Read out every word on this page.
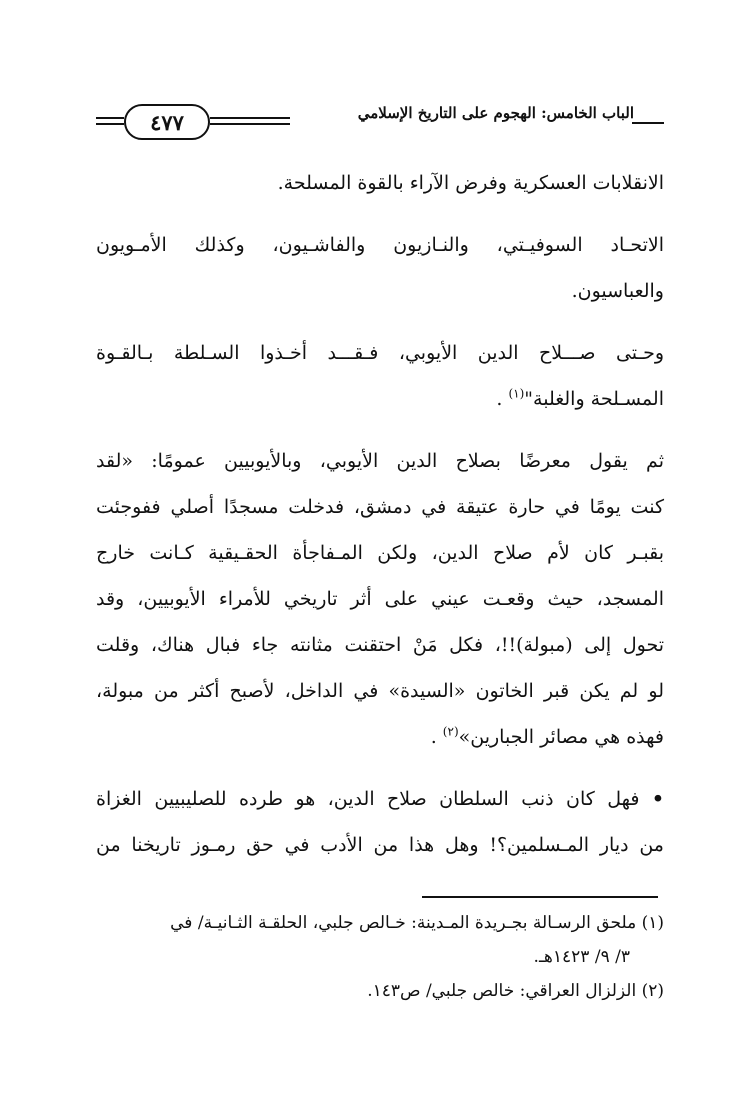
٤٧٧	الباب الخامس: الهجوم على التاريخ الإسلامي

الانقلابات العسكرية وفرض الآراء بالقوة المسلحة.

الاتحـاد السوفيـتي، والنـازيون والفاشـيون، وكذلك الأمـويون
والعباسيون.

وحـتى صـــلاح الدين الأيوبي، فـقـــد أخـذوا السـلطة بـالقـوة
المسـلحة والغلبة"$^{(١)}$ .

ثم يقول معرضًا بصلاح الدين الأيوبي، وبالأيوبيين عمومًا: «لقد
كنت يومًا في حارة عتيقة في دمشق، فدخلت مسجدًا أصلي ففوجئت
بقبـر كان لأم صلاح الدين، ولكن المـفاجأة الحقـيقية كـانت خارج
المسجد، حيث وقعـت عيني على أثر تاريخي للأمراء الأيوبيين، وقد
تحول إلى (مبولة)!!، فكل مَنْ احتقنت مثانته جاء فبال هناك، وقلت
لو لم يكن قبر الخاتون «السيدة» في الداخل، لأصبح أكثر من مبولة،
فهذه هي مصائر الجبارين»$^{(٢)}$ .

• فهل كان ذنب السلطان صلاح الدين، هو طرده للصليبيين الغزاة
من ديار المـسلمين؟! وهل هذا من الأدب في حق رمـوز تاريخنا من

(١) ملحق الرسـالة بجـريدة المـدينة: خـالص جلبي، الحلقـة الثـانيـة/ في
٣/ ٩/ ١٤٢٣هـ.

(٢) الزلزال العراقي: خالص جلبي/ ص١٤٣.
